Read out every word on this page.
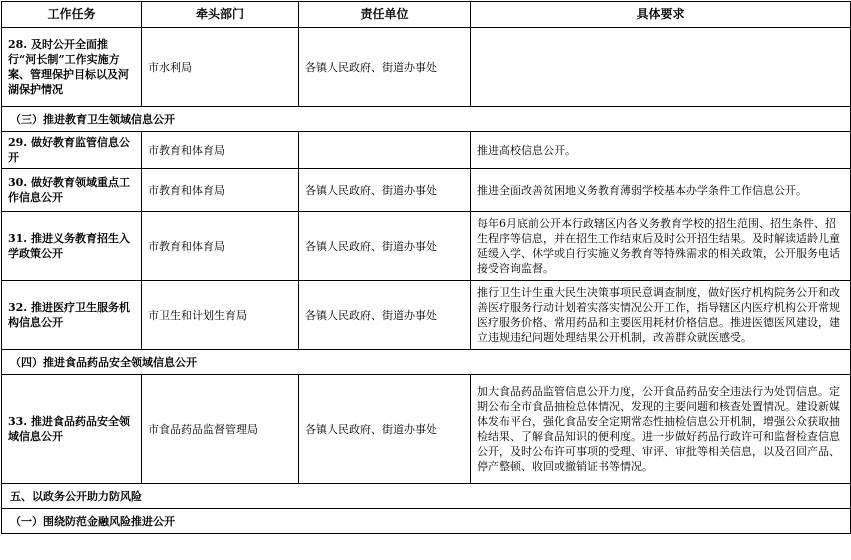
工作任务	牵头部门	责任单位	具体要求
28. 及时公开全面推行“河长制”工作实施方案、管理保护目标以及河湖保护情况	市水利局	各镇人民政府、街道办事处	
（三）推进教育卫生领域信息公开			
29. 做好教育监管信息公开	市教育和体育局		推进高校信息公开。
30. 做好教育领域重点工作信息公开	市教育和体育局	各镇人民政府、街道办事处	推进全面改善贫困地义务教育薄弱学校基本办学条件工作信息公开。
31. 推进义务教育招生入学政策公开	市教育和体育局	各镇人民政府、街道办事处	每年6月底前公开本行政辖区内各义务教育学校的招生范围、招生条件、招生程序等信息，并在招生工作结束后及时公开招生结果。及时解读适龄儿童延缓入学、休学或自行实施义务教育等特殊需求的相关政策，公开服务电话接受咨询监督。
32. 推进医疗卫生服务机构信息公开	市卫生和计划生育局	各镇人民政府、街道办事处	推行卫生计生重大民生决策事项民意调查制度，做好医疗机构院务公开和改善医疗服务行动计划着实落实情况公开工作，指导辖区内医疗机构公开常规医疗服务价格、常用药品和主要医用耗材价格信息。推进医德医风建设，建立违规违纪问题处理结果公开机制，改善群众就医感受。
（四）推进食品药品安全领域信息公开			
33. 推进食品药品安全领域信息公开	市食品药品监督管理局	各镇人民政府、街道办事处	加大食品药品监管信息公开力度，公开食品药品安全违法行为处罚信息。定期公布全市食品抽检总体情况、发现的主要问题和核查处置情况。建设新媒体发布平台，强化食品安全定期常态性抽检信息公开机制，增强公众获取抽检结果、了解食品知识的便利度。进一步做好药品行政许可和监督检查信息公开，及时公布许可事项的受理、审评、审批等相关信息，以及召回产品、停产整顿、收回或撤销证书等情况。
五、以政务公开助力防风险			
（一）围绕防范金融风险推进公开			
